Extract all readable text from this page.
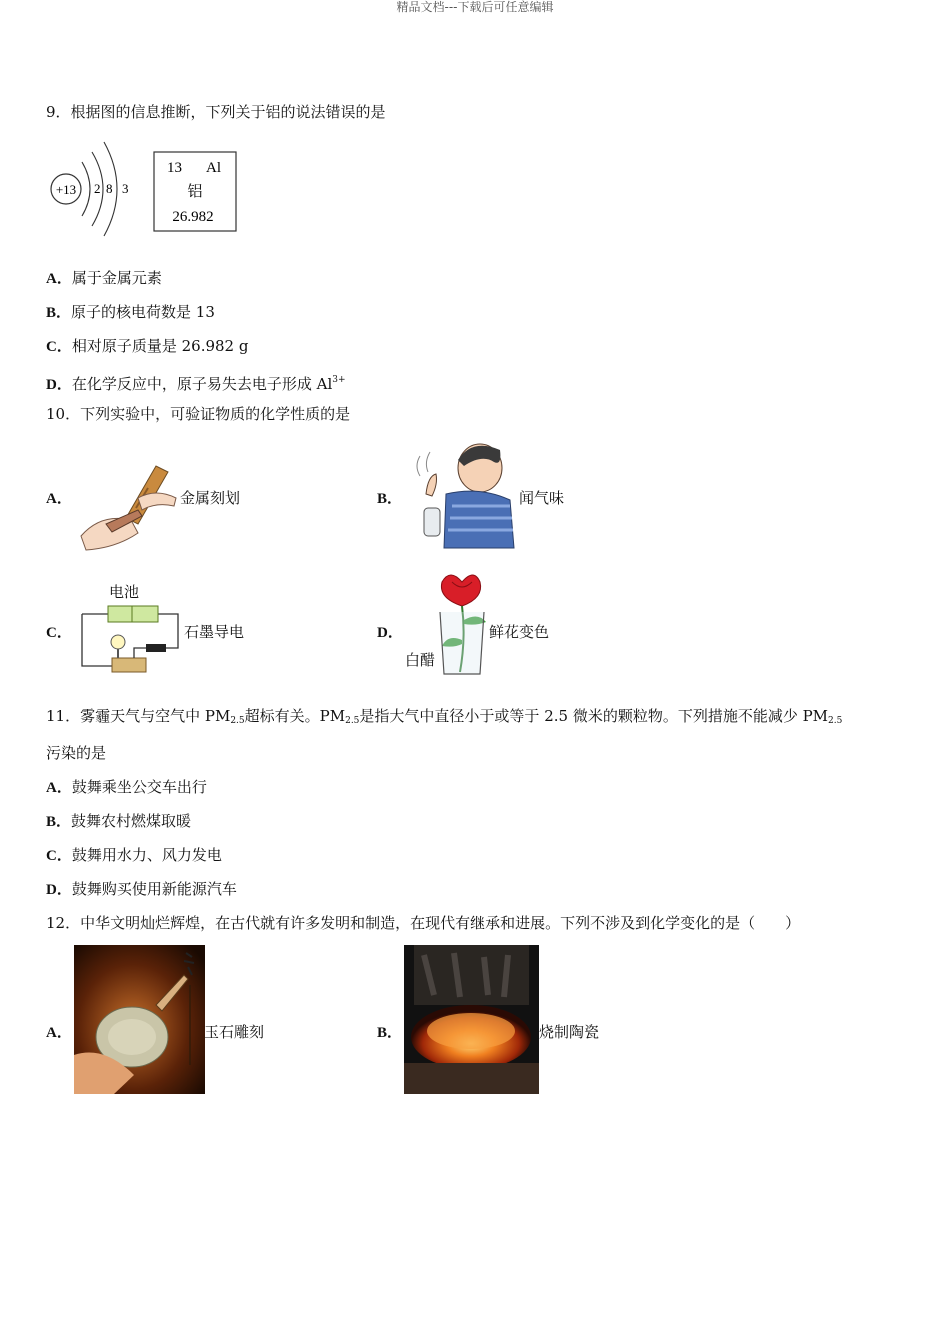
精品文档---下载后可任意编辑
9．根据图的信息推断，下列关于铝的说法错误的是
+13 2 8 3
13 Al
铝
26.982
A．属于金属元素
B．原子的核电荷数是 13
C．相对原子质量是 26.982 g
D．在化学反应中，原子易失去电子形成 $Al^{3+}$
10．下列实验中，可验证物质的化学性质的是
A．	金属刻划	B．	闻气味
C．
电池
石墨导电	D．
白醋
鲜花变色
11．雾霾天气与空气中 $PM_{2.5}$超标有关。$PM_{2.5}$是指大气中直径小于或等于 2.5 微米的颗粒物。下列措施不能减少 $PM_{2.5}$
污染的是
A．鼓舞乘坐公交车出行
B．鼓舞农村燃煤取暖
C．鼓舞用水力、风力发电
D．鼓舞购买使用新能源汽车
12．中华文明灿烂辉煌，在古代就有许多发明和制造，在现代有继承和进展。下列不涉及到化学变化的是（　　）
A．	玉石雕刻	B．	烧制陶瓷
